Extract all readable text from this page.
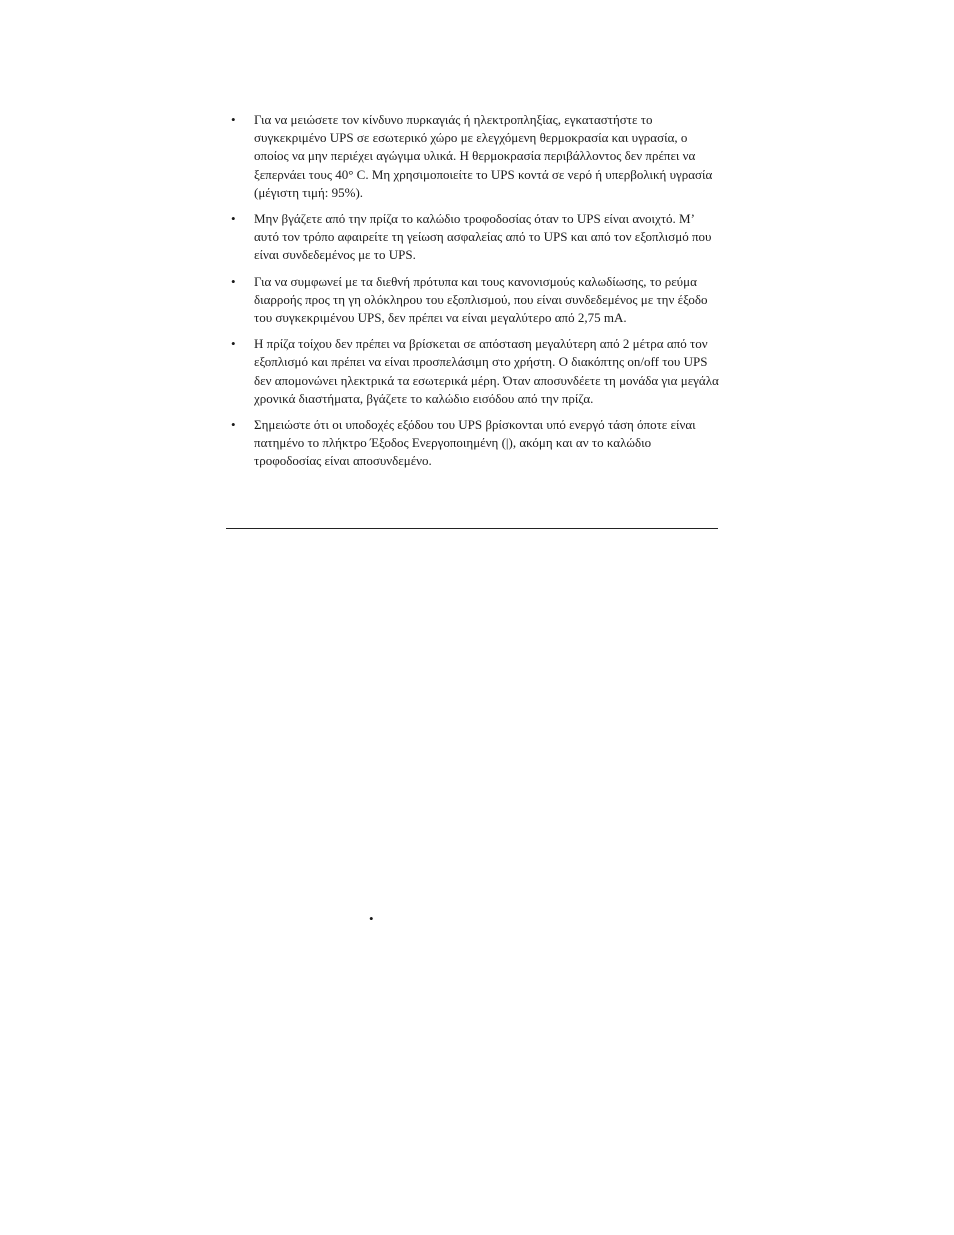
• Για να μειώσετε τον κίνδυνο πυρκαγιάς ή ηλεκτροπληξίας, εγκαταστήστε το συγκεκριμένο UPS σε εσωτερικό χώρο με ελεγχόμενη θερμοκρασία και υγρασία, ο οποίος να μην περιέχει αγώγιμα υλικά. Η θερμοκρασία περιβάλλοντος δεν πρέπει να ξεπερνάει τους 40° C. Μη χρησιμοποιείτε το UPS κοντά σε νερό ή υπερβολική υγρασία (μέγιστη τιμή: 95%).
• Μην βγάζετε από την πρίζα το καλώδιο τροφοδοσίας όταν το UPS είναι ανοιχτό. Μ’ αυτό τον τρόπο αφαιρείτε τη γείωση ασφαλείας από το UPS και από τον εξοπλισμό που είναι συνδεδεμένος με το UPS.
• Για να συμφωνεί με τα διεθνή πρότυπα και τους κανονισμούς καλωδίωσης, το ρεύμα διαρροής προς τη γη ολόκληρου του εξοπλισμού, που είναι συνδεδεμένος με την έξοδο του συγκεκριμένου UPS, δεν πρέπει να είναι μεγαλύτερο από 2,75 mA.
• Η πρίζα τοίχου δεν πρέπει να βρίσκεται σε απόσταση μεγαλύτερη από 2 μέτρα από τον εξοπλισμό και πρέπει να είναι προσπελάσιμη στο χρήστη. Ο διακόπτης on/off του UPS δεν απομονώνει ηλεκτρικά τα εσωτερικά μέρη. Όταν αποσυνδέετε τη μονάδα για μεγάλα χρονικά διαστήματα, βγάζετε το καλώδιο εισόδου από την πρίζα.
• Σημειώστε ότι οι υποδοχές εξόδου του UPS βρίσκονται υπό ενεργό τάση όποτε είναι πατημένο το πλήκτρο Έξοδος Ενεργοποιημένη (|), ακόμη και αν το καλώδιο τροφοδοσίας είναι αποσυνδεμένο.
•
